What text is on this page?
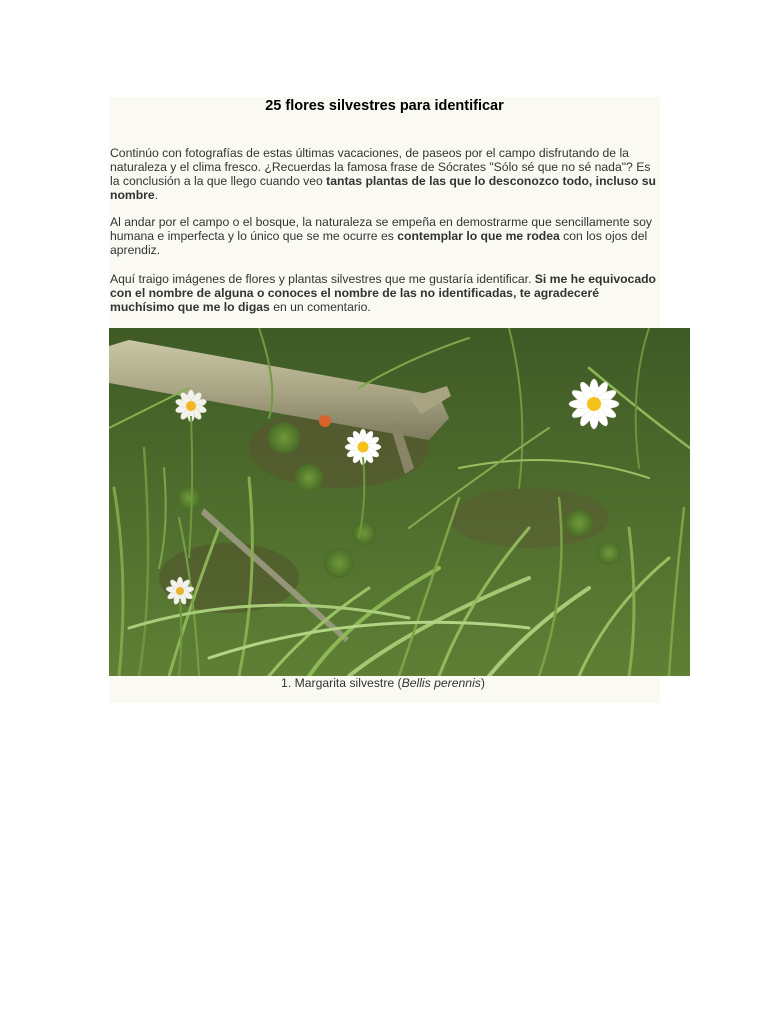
25 flores silvestres para identificar

Continúo con fotografías de estas últimas vacaciones, de paseos por el campo disfrutando de la naturaleza y el clima fresco. ¿Recuerdas la famosa frase de Sócrates "Sólo sé que no sé nada"? Es la conclusión a la que llego cuando veo tantas plantas de las que lo desconozco todo, incluso su nombre.

Al andar por el campo o el bosque, la naturaleza se empeña en demostrarme que sencillamente soy humana e imperfecta y lo único que se me ocurre es contemplar lo que me rodea con los ojos del aprendiz.

Aquí traigo imágenes de flores y plantas silvestres que me gustaría identificar. Si me he equivocado con el nombre de alguna o conoces el nombre de las no identificadas, te agradeceré muchísimo que me lo digas en un comentario.

1. Margarita silvestre (Bellis perennis)
